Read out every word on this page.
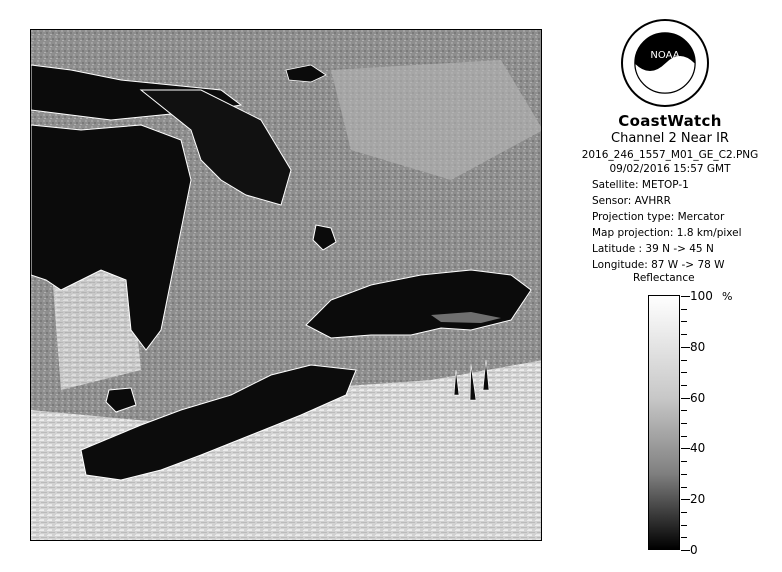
NOAA
CoastWatch
Channel 2 Near IR
2016_246_1557_M01_GE_C2.PNG
09/02/2016 15:57 GMT
Satellite: METOP-1
Sensor: AVHRR
Projection type: Mercator
Map projection: 1.8 km/pixel
Latitude : 39 N -> 45 N
Longitude: 87 W -> 78 W
Reflectance
%
100
80
60
40
20
0
